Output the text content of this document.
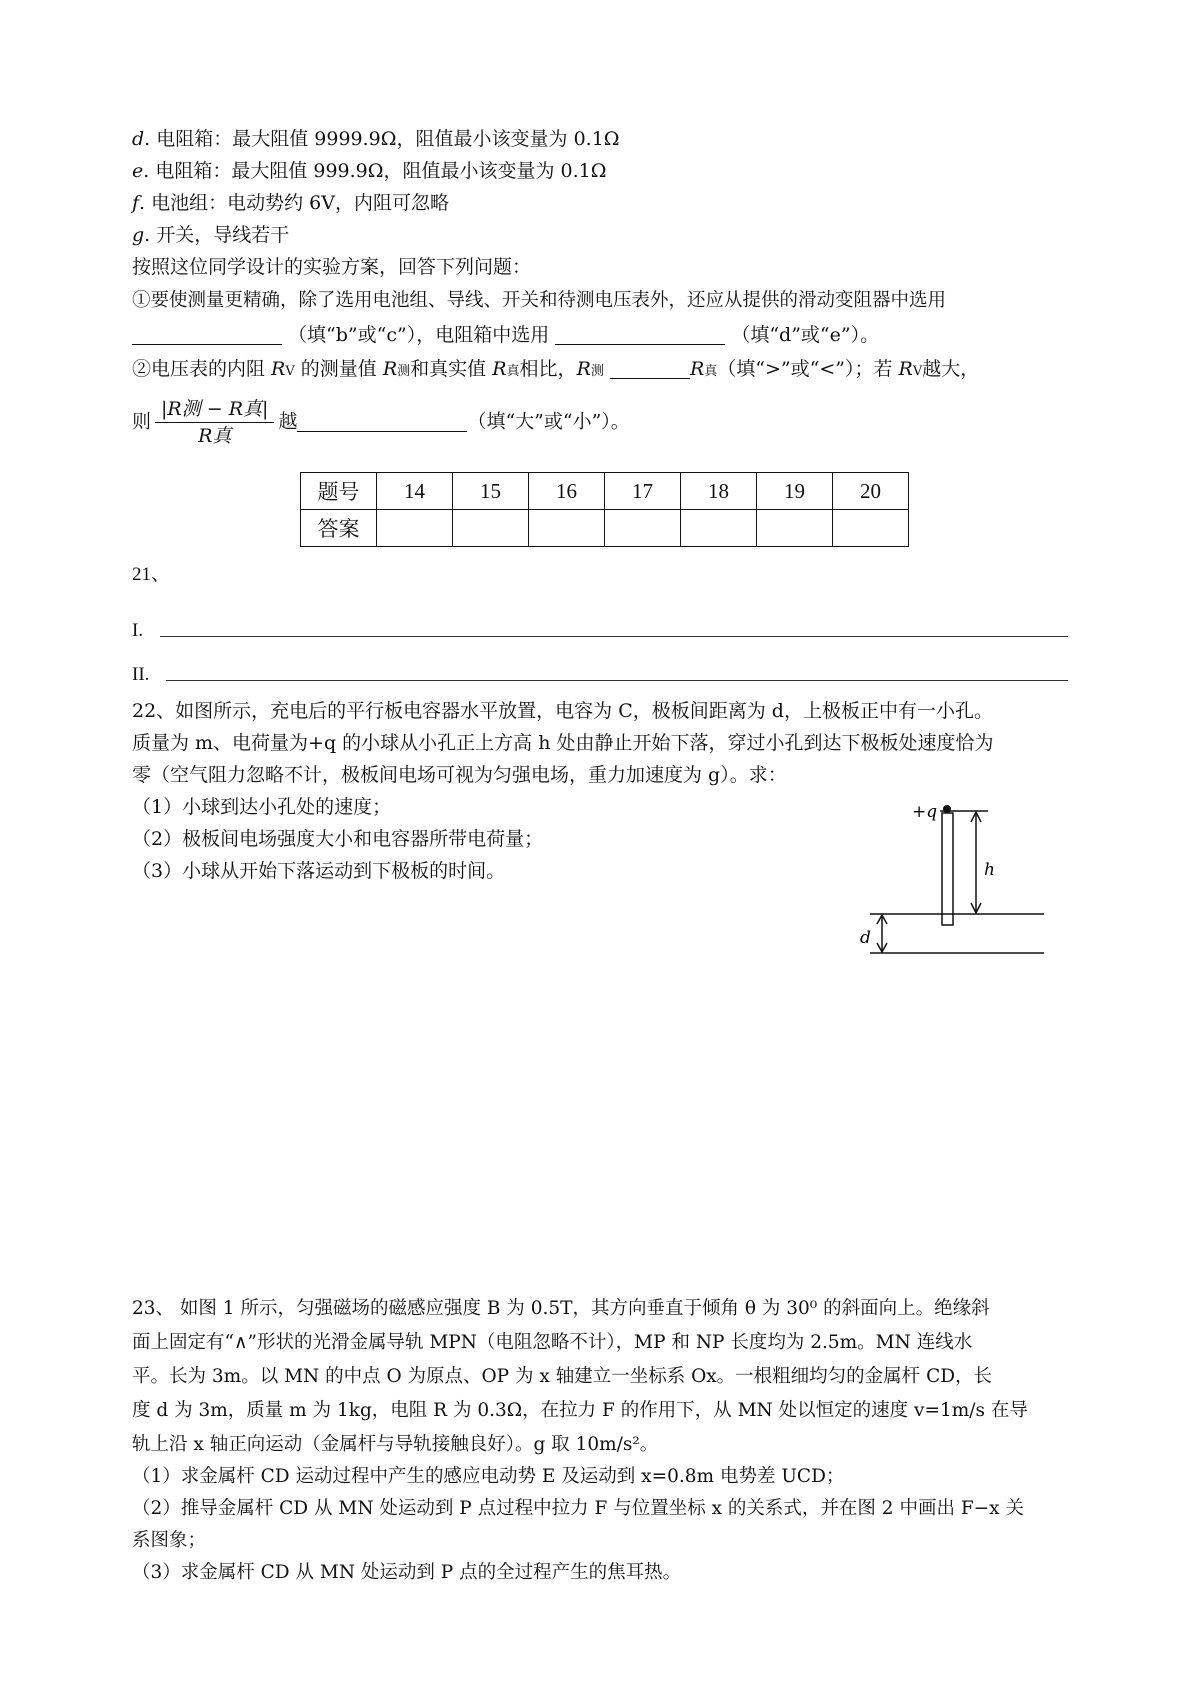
d. 电阻箱：最大阻值 9999.9Ω，阻值最小该变量为 0.1Ω
e. 电阻箱：最大阻值 999.9Ω，阻值最小该变量为 0.1Ω
f. 电池组：电动势约 6V，内阻可忽略
g. 开关，导线若干
按照这位同学设计的实验方案，回答下列问题：
①要使测量更精确，除了选用电池组、导线、开关和待测电压表外，还应从提供的滑动变阻器中选用
（填“b”或“c”），电阻箱中选用	（填“d”或“e”）。
②电压表的内阻 RV 的测量值 R测和真实值 R真相比，R测	R真（填“>”或“<”）；若 RV越大，
则 $\frac{\text{|R测 − R真|}}{\text{R真}}$ 越	（填“大”或“小”）。
题号	14	15	16	17	18	19	20
答案							
21、
I.
II.
22、如图所示，充电后的平行板电容器水平放置，电容为 C，极板间距离为 d，上极板正中有一小孔。
质量为 m、电荷量为+q 的小球从小孔正上方高 h 处由静止开始下落，穿过小孔到达下极板处速度恰为
零（空气阻力忽略不计，极板间电场可视为匀强电场，重力加速度为 g）。求：
（1）小球到达小孔处的速度；
（2）极板间电场强度大小和电容器所带电荷量；
（3）小球从开始下落运动到下极板的时间。
+q
h
d
23、 如图 1 所示，匀强磁场的磁感应强度 B 为 0.5T，其方向垂直于倾角 θ 为 30⁰ 的斜面向上。绝缘斜
面上固定有“∧”形状的光滑金属导轨 MPN（电阻忽略不计），MP 和 NP 长度均为 2.5m。MN 连线水
平。长为 3m。以 MN 的中点 O 为原点、OP 为 x 轴建立一坐标系 Ox。一根粗细均匀的金属杆 CD，长
度 d 为 3m，质量 m 为 1kg，电阻 R 为 0.3Ω，在拉力 F 的作用下，从 MN 处以恒定的速度 v=1m/s 在导
轨上沿 x 轴正向运动（金属杆与导轨接触良好）。g 取 10m/s²。
（1）求金属杆 CD 运动过程中产生的感应电动势 E 及运动到 x=0.8m 电势差 UCD；
（2）推导金属杆 CD 从 MN 处运动到 P 点过程中拉力 F 与位置坐标 x 的关系式，并在图 2 中画出 F−x 关
系图象；
（3）求金属杆 CD 从 MN 处运动到 P 点的全过程产生的焦耳热。
